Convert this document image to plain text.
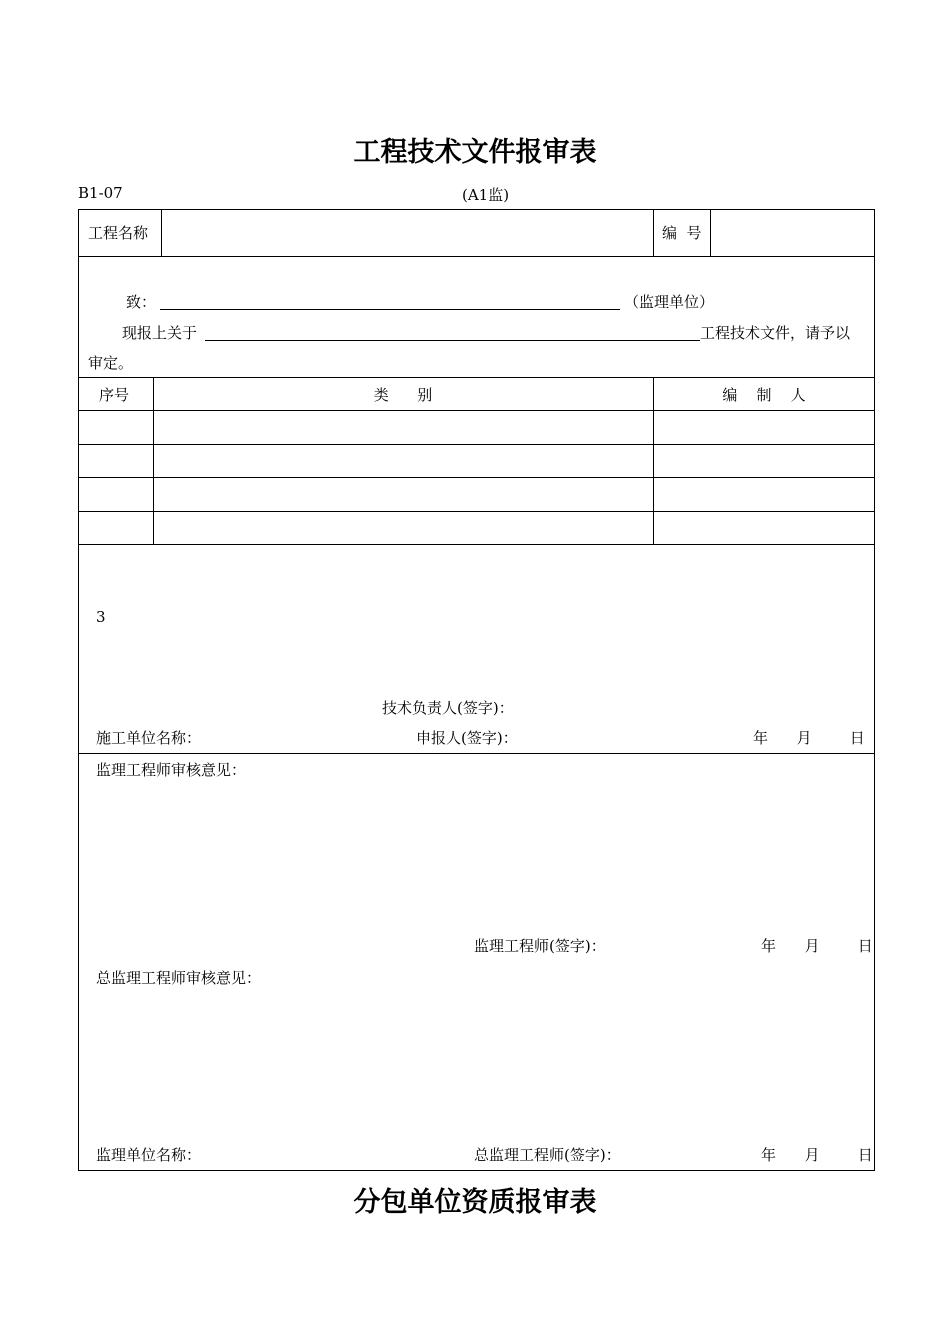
工程技术文件报审表
B1-07	(A1监)
工程名称	编  号
致：	（监理单位）
现报上关于	工程技术文件，请予以
审定。
序号	类      别	编    制    人
3
技术负责人(签字)：
施工单位名称：	申报人(签字)：	年      月        日
监理工程师审核意见：
监理工程师(签字)：	年      月        日
总监理工程师审核意见：
监理单位名称：	总监理工程师(签字)：	年      月        日
分包单位资质报审表
